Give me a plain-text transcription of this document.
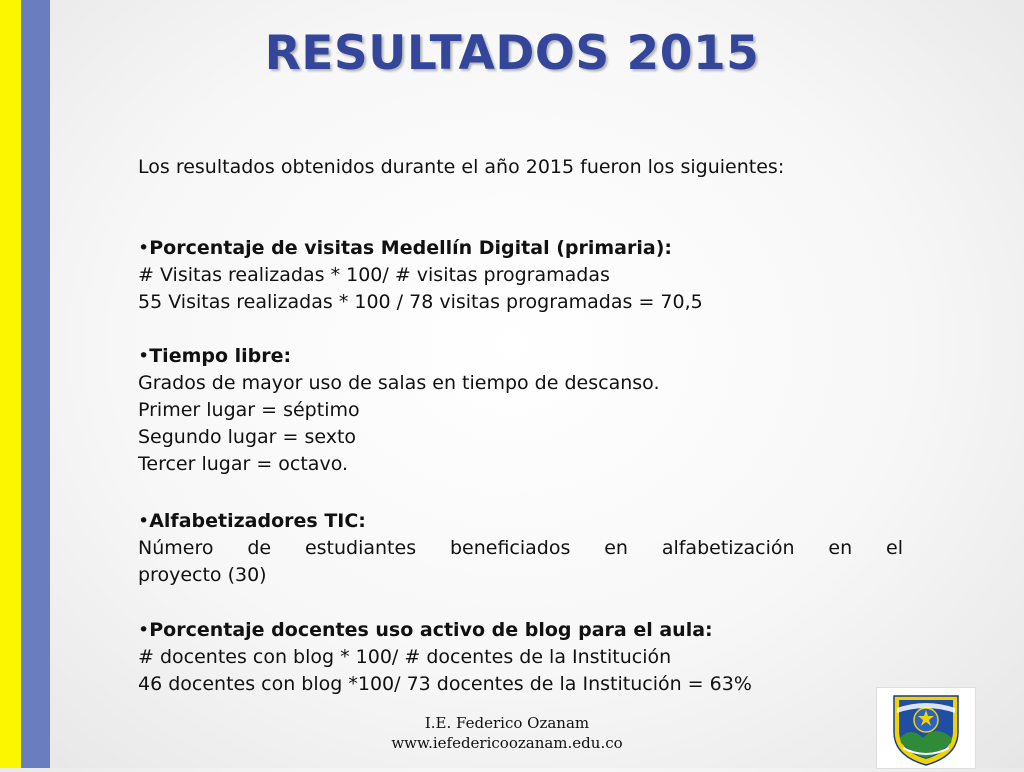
RESULTADOS 2015
Los resultados obtenidos durante el año 2015 fueron los siguientes:
•Porcentaje de visitas Medellín Digital (primaria):
# Visitas realizadas * 100/ # visitas programadas
55 Visitas realizadas * 100 / 78 visitas programadas = 70,5
•Tiempo libre:
Grados de mayor uso de salas en tiempo de descanso.
Primer lugar = séptimo
Segundo lugar = sexto
Tercer lugar = octavo.
•Alfabetizadores TIC:
Número de estudiantes beneficiados en alfabetización en el
proyecto (30)
•Porcentaje docentes uso activo de blog para el aula:
# docentes con blog * 100/ # docentes de la Institución
46 docentes con blog *100/ 73 docentes de la Institución = 63%
I.E. Federico Ozanam
www.iefedericoozanam.edu.co
